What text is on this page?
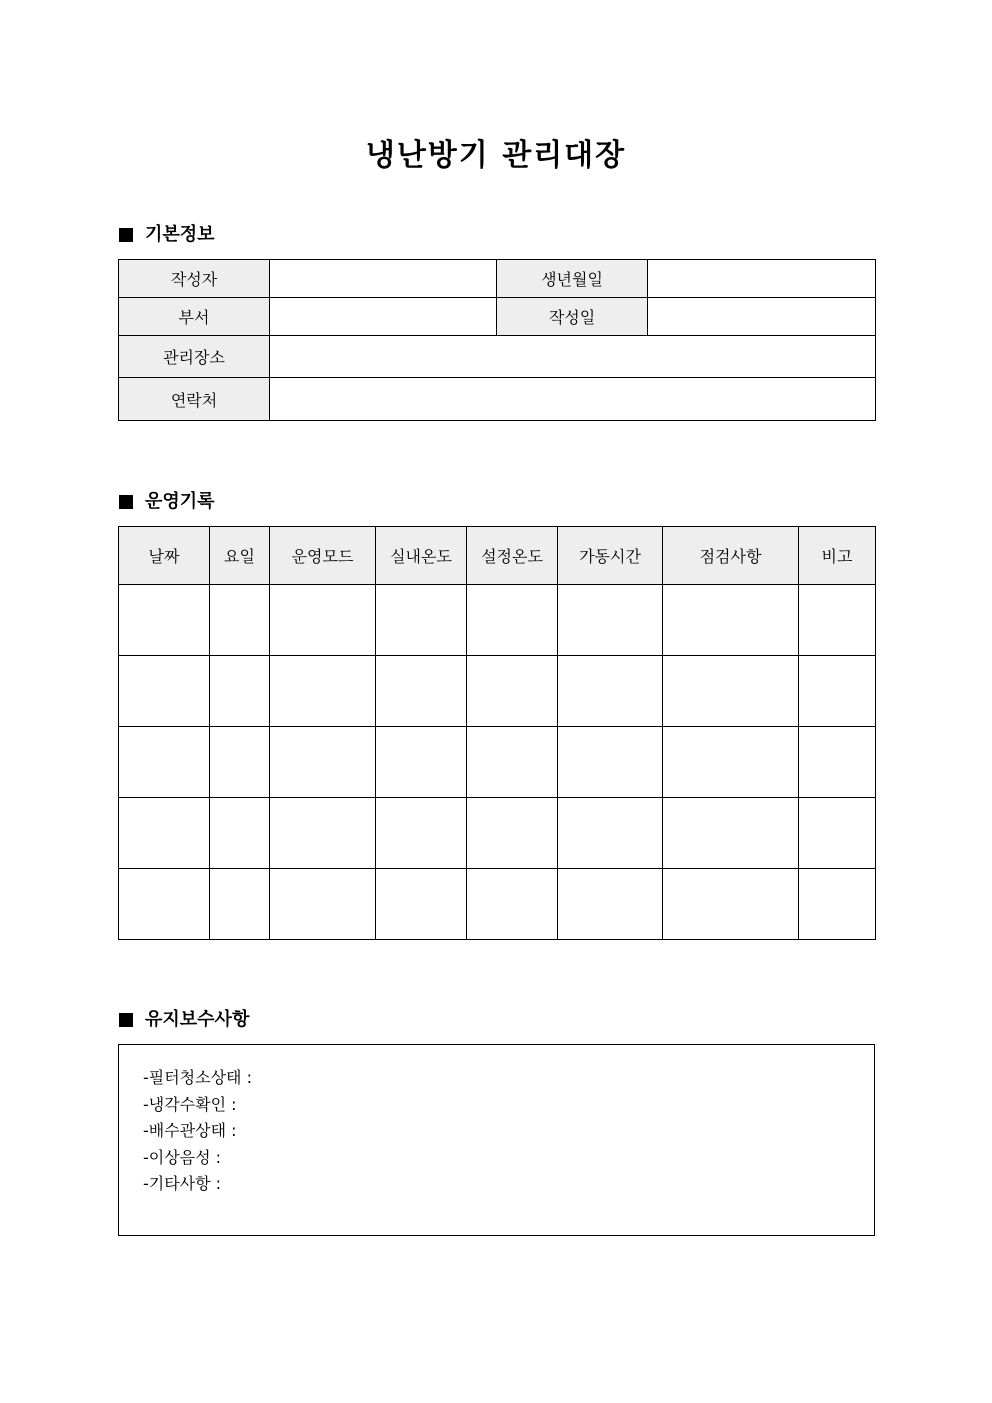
냉난방기 관리대장
기본정보
작성자		생년월일	
부서		작성일	
관리장소			
연락처			
운영기록
날짜	요일	운영모드	실내온도	설정온도	가동시간	점검사항	비고

유지보수사항
-필터청소상태 :
-냉각수확인 :
-배수관상태 :
-이상음성 :
-기타사항 :
